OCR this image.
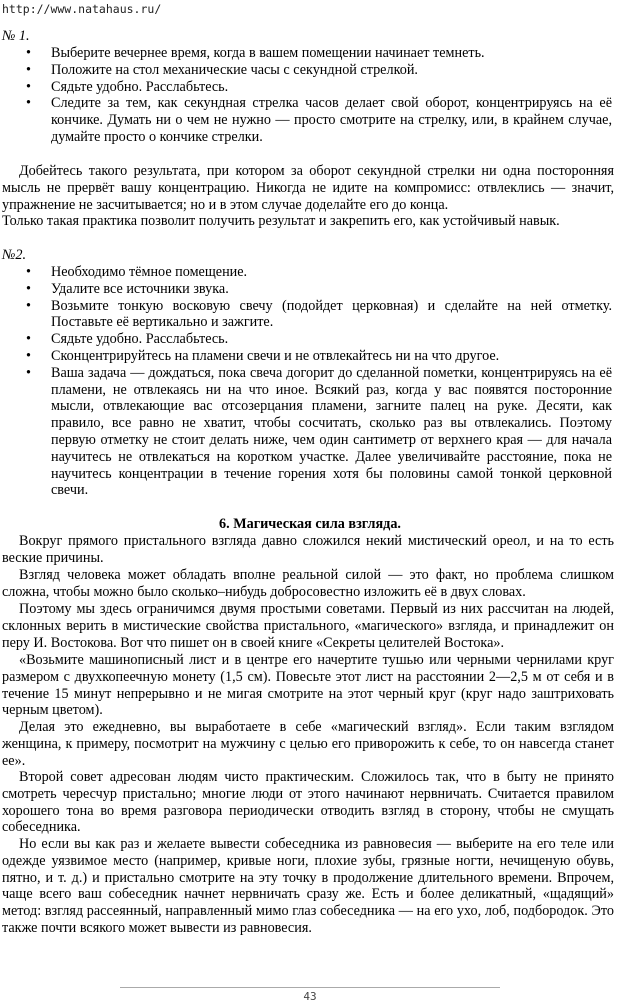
http://www.natahaus.ru/
№ 1.
• Выберите вечернее время, когда в вашем помещении начинает темнеть.
• Положите на стол механические часы с секундной стрелкой.
• Сядьте удобно. Расслабьтесь.
• Следите за тем, как секундная стрелка часов делает свой оборот, концентрируясь на её кончике. Думать ни о чем не нужно — просто смотрите на стрелку, или, в крайнем случае, думайте просто о кончике стрелки.

Добейтесь такого результата, при котором за оборот секундной стрелки ни одна посторонняя мысль не прервёт вашу концентрацию. Никогда не идите на компромисс: отвлеклись — значит, упражнение не засчитывается; но и в этом случае доделайте его до конца.

Только такая практика позволит получить результат и закрепить его, как устойчивый навык.

№2.
• Необходимо тёмное помещение.
• Удалите все источники звука.
• Возьмите тонкую восковую свечу (подойдет церковная) и сделайте на ней отметку. Поставьте её вертикально и зажгите.
• Сядьте удобно. Расслабьтесь.
• Сконцентрируйтесь на пламени свечи и не отвлекайтесь ни на что другое.
• Ваша задача — дождаться, пока свеча догорит до сделанной пометки, концентрируясь на её пламени, не отвлекаясь ни на что иное. Всякий раз, когда у вас появятся посторонние мысли, отвлекающие вас отсозерцания пламени, загните палец на руке. Десяти, как правило, все равно не хватит, чтобы сосчитать, сколько раз вы отвлекались. Поэтому первую отметку не стоит делать ниже, чем один сантиметр от верхнего края — для начала научитесь не отвлекаться на коротком участке. Далее увеличивайте расстояние, пока не научитесь концентрации в течение горения хотя бы половины самой тонкой церковной свечи.
6. Магическая сила взгляда.

Вокруг прямого пристального взгляда давно сложился некий мистический ореол, и на то есть веские причины.

Взгляд человека может обладать вполне реальной силой — это факт, но проблема слишком сложна, чтобы можно было сколько–нибудь добросовестно изложить её в двух словах.

Поэтому мы здесь ограничимся двумя простыми советами. Первый из них рассчитан на людей, склонных верить в мистические свойства пристального, «магического» взгляда, и принадлежит он перу И. Востокова. Вот что пишет он в своей книге «Секреты целителей Востока».

«Возьмите машинописный лист и в центре его начертите тушью или черными чернилами круг размером с двухкопеечную монету (1,5 см). Повесьте этот лист на расстоянии 2—2,5 м от себя и в течение 15 минут непрерывно и не мигая смотрите на этот черный круг (круг надо заштриховать черным цветом).

Делая это ежедневно, вы выработаете в себе «магический взгляд». Если таким взглядом женщина, к примеру, посмотрит на мужчину с целью его приворожить к себе, то он навсегда станет ее».

Второй совет адресован людям чисто практическим. Сложилось так, что в быту не принято смотреть чересчур пристально; многие люди от этого начинают нервничать. Считается правилом хорошего тона во время разговора периодически отводить взгляд в сторону, чтобы не смущать собеседника.

Но если вы как раз и желаете вывести собеседника из равновесия — выберите на его теле или одежде уязвимое место (например, кривые ноги, плохие зубы, грязные ногти, нечищеную обувь, пятно, и т. д.) и пристально смотрите на эту точку в продолжение длительного времени. Впрочем, чаще всего ваш собеседник начнет нервничать сразу же. Есть и более деликатный, «щадящий» метод: взгляд рассеянный, направленный мимо глаз собеседника — на его ухо, лоб, подбородок. Это также почти всякого может вывести из равновесия.

43
